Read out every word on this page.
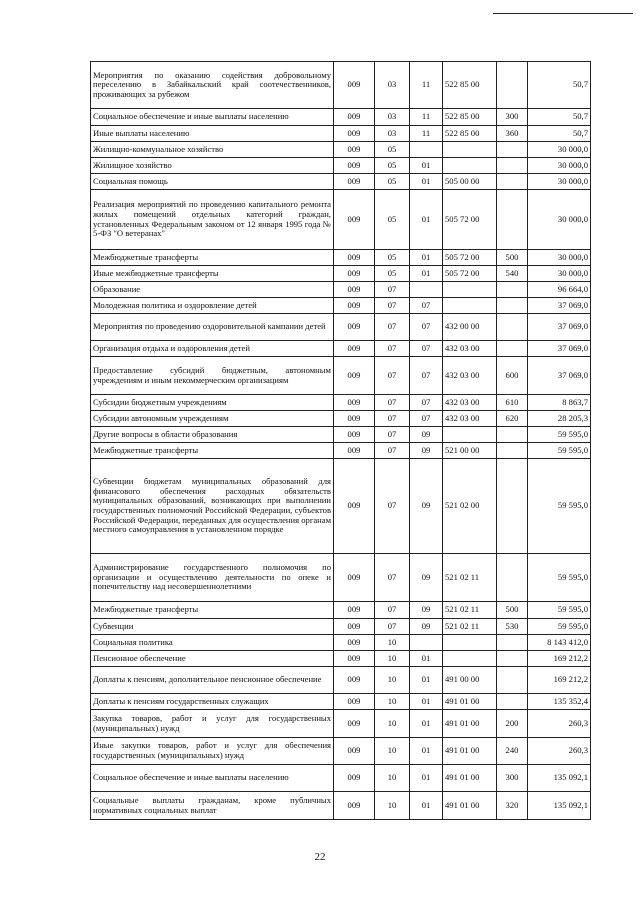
Мероприятия по оказанию содействия добровольному переселению в Забайкальский край соотечественников, проживающих за рубежом	009	03	11	522 85 00		50,7
Социальное обеспечение и иные выплаты населению	009	03	11	522 85 00	300	50,7
Иные выплаты населению	009	03	11	522 85 00	360	50,7
Жилищно-коммунальное хозяйство	009	05				30 000,0
Жилищное хозяйство	009	05	01			30 000,0
Социальная помощь	009	05	01	505 00 00		30 000,0
Реализация мероприятий по проведению капитального ремонта жилых помещений отдельных категорий граждан, установленных Федеральным законом от 12 января 1995 года № 5-ФЗ "О ветеранах"	009	05	01	505 72 00		30 000,0
Межбюджетные трансферты	009	05	01	505 72 00	500	30 000,0
Иные межбюджетные трансферты	009	05	01	505 72 00	540	30 000,0
Образование	009	07				96 664,0
Молодежная политика и оздоровление детей	009	07	07			37 069,0
Мероприятия по проведению оздоровительной кампании детей	009	07	07	432 00 00		37 069,0
Организация отдыха и оздоровления детей	009	07	07	432 03 00		37 069,0
Предоставление субсидий бюджетным, автономным учреждениям и иным некоммерческим организациям	009	07	07	432 03 00	600	37 069,0
Субсидии бюджетным учреждениям	009	07	07	432 03 00	610	8 863,7
Субсидии автономным учреждениям	009	07	07	432 03 00	620	28 205,3
Другие вопросы в области образования	009	07	09			59 595,0
Межбюджетные трансферты	009	07	09	521 00 00		59 595,0
Субвенции бюджетам муниципальных образований для финансового обеспечения расходных обязательств муниципальных образований, возникающих при выполнении государственных полномочий Российской Федерации, субъектов Российской Федерации, переданных для осуществления органам местного самоуправления в установленном порядке	009	07	09	521 02 00		59 595,0
Администрирование государственного полномочия по организации и осуществлению деятельности по опеке и попечительству над несовершеннолетними	009	07	09	521 02 11		59 595,0
Межбюджетные трансферты	009	07	09	521 02 11	500	59 595,0
Субвенции	009	07	09	521 02 11	530	59 595,0
Социальная политика	009	10				8 143 412,0
Пенсионное обеспечение	009	10	01			169 212,2
Доплаты к пенсиям, дополнительное пенсионное обеспечение	009	10	01	491 00 00		169 212,2
Доплаты к пенсиям государственных служащих	009	10	01	491 01 00		135 352,4
Закупка товаров, работ и услуг для государственных (муниципальных) нужд	009	10	01	491 01 00	200	260,3
Иные закупки товаров, работ и услуг для обеспечения государственных (муниципальных) нужд	009	10	01	491 01 00	240	260,3
Социальное обеспечение и иные выплаты населению	009	10	01	491 01 00	300	135 092,1
Социальные выплаты гражданам, кроме публичных нормативных социальных выплат	009	10	01	491 01 00	320	135 092,1
22
